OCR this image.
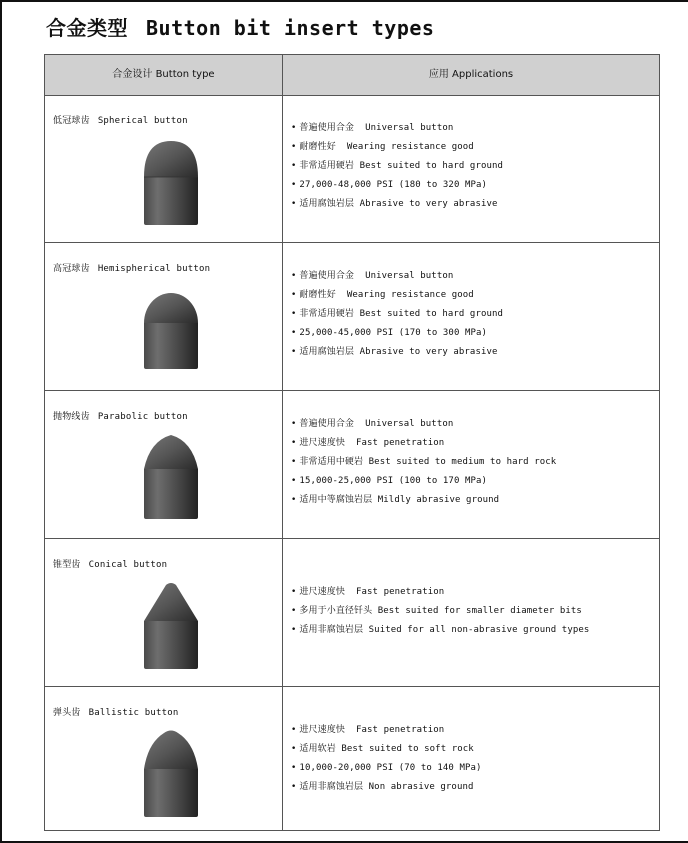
合金类型 Button bit insert types
合金设计 Button type	应用 Applications
低冠球齿 Spherical button
• 普遍使用合金 Universal button
• 耐磨性好 Wearing resistance good
• 非常适用硬岩 Best suited to hard ground
• 27,000-48,000 PSI (180 to 320 MPa)
• 适用腐蚀岩层 Abrasive to very abrasive
高冠球齿 Hemispherical button
• 普遍使用合金 Universal button
• 耐磨性好 Wearing resistance good
• 非常适用硬岩 Best suited to hard ground
• 25,000-45,000 PSI (170 to 300 MPa)
• 适用腐蚀岩层 Abrasive to very abrasive
抛物线齿 Parabolic button
• 普遍使用合金 Universal button
• 进尺速度快 Fast penetration
• 非常适用中硬岩 Best suited to medium to hard rock
• 15,000-25,000 PSI (100 to 170 MPa)
• 适用中等腐蚀岩层 Mildly abrasive ground
锥型齿 Conical button
• 进尺速度快 Fast penetration
• 多用于小直径钎头 Best suited for smaller diameter bits
• 适用非腐蚀岩层 Suited for all non-abrasive ground types
弹头齿 Ballistic button
• 进尺速度快 Fast penetration
• 适用软岩 Best suited to soft rock
• 10,000-20,000 PSI (70 to 140 MPa)
• 适用非腐蚀岩层 Non abrasive ground
